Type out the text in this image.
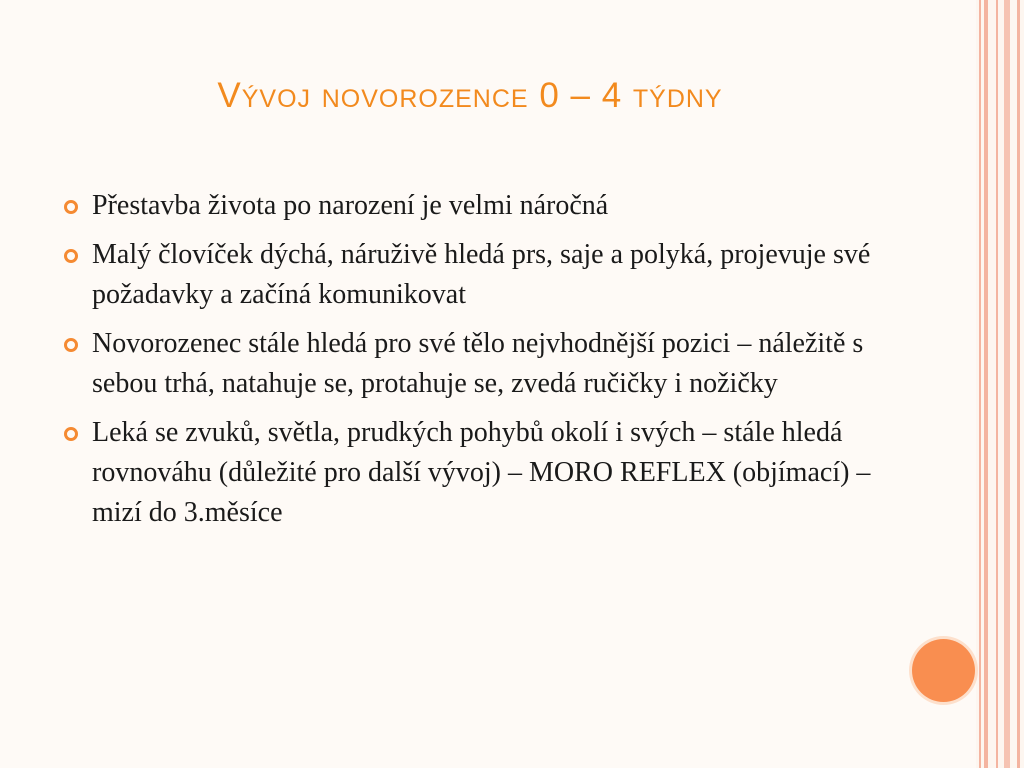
Vývoj novorozence 0 – 4 týdny
Přestavba života po narození je velmi náročná
Malý človíček dýchá, náruživě hledá prs, saje a polyká, projevuje své požadavky a začíná komunikovat
Novorozenec stále hledá pro své tělo nejvhodnější pozici – náležitě s sebou trhá, natahuje se, protahuje se, zvedá ručičky i nožičky
Leká se zvuků, světla, prudkých pohybů okolí i svých – stále hledá rovnováhu (důležité pro další vývoj) – MORO REFLEX (objímací) – mizí do 3.měsíce
